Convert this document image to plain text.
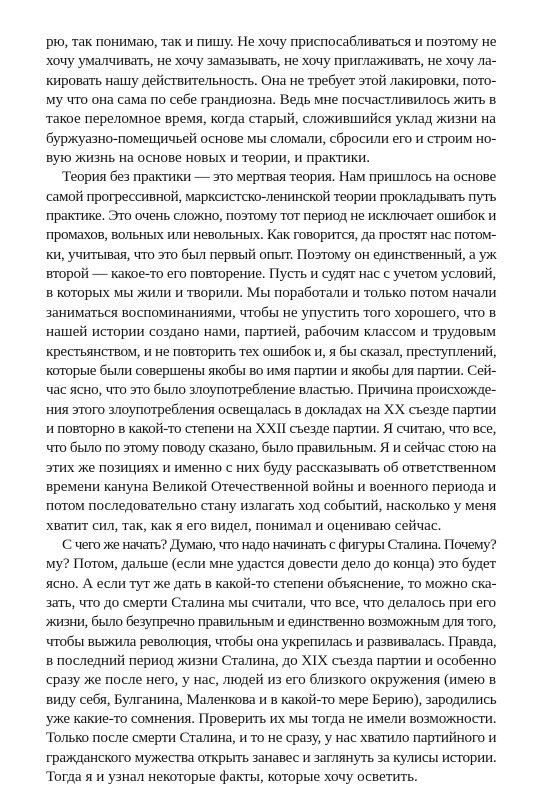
рю, так понимаю, так и пишу. Не хочу приспосабливаться и поэтому не
хочу умалчивать, не хочу замазывать, не хочу приглаживать, не хочу ла-
кировать нашу действительность. Она не требует этой лакировки, пото-
му что она сама по себе грандиозна. Ведь мне посчастливилось жить в
такое переломное время, когда старый, сложившийся уклад жизни на
буржуазно-помещичьей основе мы сломали, сбросили его и строим но-
вую жизнь на основе новых и теории, и практики.
Теория без практики — это мертвая теория. Нам пришлось на основе
самой прогрессивной, марксистско-ленинской теории прокладывать путь
практике. Это очень сложно, поэтому тот период не исключает ошибок и
промахов, вольных или невольных. Как говорится, да простят нас потом-
ки, учитывая, что это был первый опыт. Поэтому он единственный, а уж
второй — какое-то его повторение. Пусть и судят нас с учетом условий,
в которых мы жили и творили. Мы поработали и только потом начали
заниматься воспоминаниями, чтобы не упустить того хорошего, что в
нашей истории создано нами, партией, рабочим классом и трудовым
крестьянством, и не повторить тех ошибок и, я бы сказал, преступлений,
которые были совершены якобы во имя партии и якобы для партии. Сей-
час ясно, что это было злоупотребление властью. Причина происхожде-
ния этого злоупотребления освещалась в докладах на XX съезде партии
и повторно в какой-то степени на XXII съезде партии. Я считаю, что все,
что было по этому поводу сказано, было правильным. Я и сейчас стою на
этих же позициях и именно с них буду рассказывать об ответственном
времени кануна Великой Отечественной войны и военного периода и
потом последовательно стану излагать ход событий, насколько у меня
хватит сил, так, как я его видел, понимал и оцениваю сейчас.
С чего же начать? Думаю, что надо начинать с фигуры Сталина. Почему?
му? Потом, дальше (если мне удастся довести дело до конца) это будет
ясно. А если тут же дать в какой-то степени объяснение, то можно ска-
зать, что до смерти Сталина мы считали, что все, что делалось при его
жизни, было безупречно правильным и единственно возможным для того,
чтобы выжила революция, чтобы она укрепилась и развивалась. Правда,
в последний период жизни Сталина, до XIX съезда партии и особенно
сразу же после него, у нас, людей из его близкого окружения (имею в
виду себя, Булганина, Маленкова и в какой-то мере Берию), зародились
уже какие-то сомнения. Проверить их мы тогда не имели возможности.
Только после смерти Сталина, и то не сразу, у нас хватило партийного и
гражданского мужества открыть занавес и заглянуть за кулисы истории.
Тогда я и узнал некоторые факты, которые хочу осветить.
